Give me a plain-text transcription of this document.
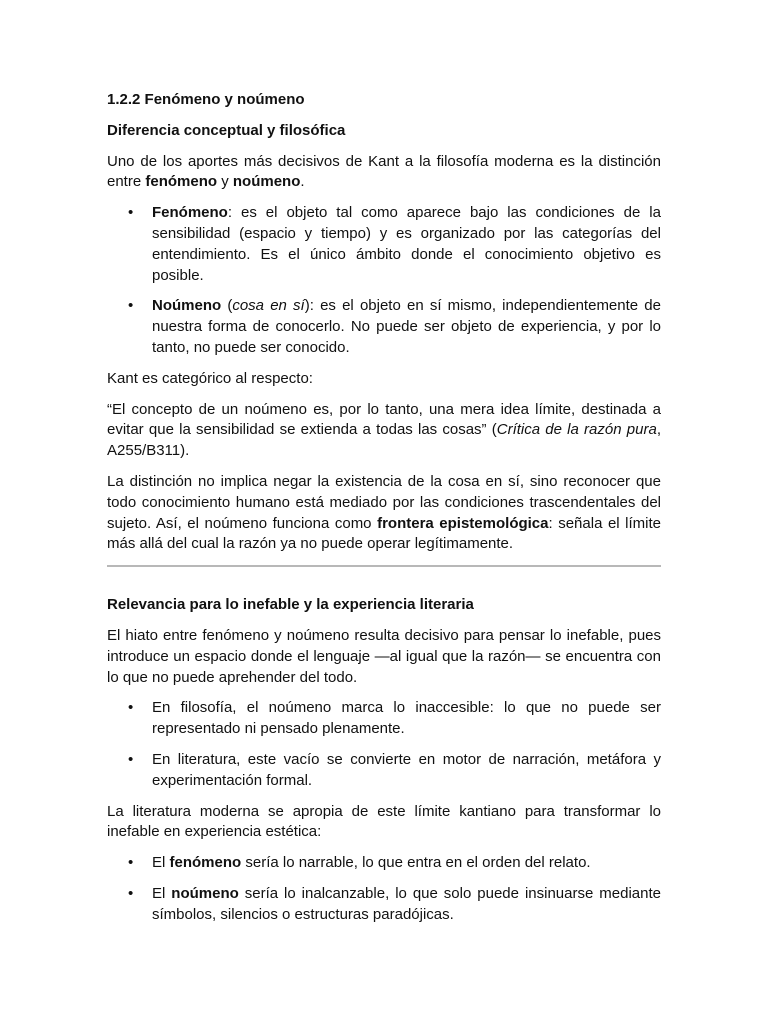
1.2.2 Fenómeno y noúmeno
Diferencia conceptual y filosófica

Uno de los aportes más decisivos de Kant a la filosofía moderna es la distinción entre fenómeno y noúmeno.

• Fenómeno: es el objeto tal como aparece bajo las condiciones de la sensibilidad (espacio y tiempo) y es organizado por las categorías del entendimiento. Es el único ámbito donde el conocimiento objetivo es posible.
• Noúmeno (cosa en sí): es el objeto en sí mismo, independientemente de nuestra forma de conocerlo. No puede ser objeto de experiencia, y por lo tanto, no puede ser conocido.

Kant es categórico al respecto:

“El concepto de un noúmeno es, por lo tanto, una mera idea límite, destinada a evitar que la sensibilidad se extienda a todas las cosas” (Crítica de la razón pura, A255/B311).

La distinción no implica negar la existencia de la cosa en sí, sino reconocer que todo conocimiento humano está mediado por las condiciones trascendentales del sujeto. Así, el noúmeno funciona como frontera epistemológica: señala el límite más allá del cual la razón ya no puede operar legítimamente.

Relevancia para lo inefable y la experiencia literaria

El hiato entre fenómeno y noúmeno resulta decisivo para pensar lo inefable, pues introduce un espacio donde el lenguaje —al igual que la razón— se encuentra con lo que no puede aprehender del todo.

• En filosofía, el noúmeno marca lo inaccesible: lo que no puede ser representado ni pensado plenamente.
• En literatura, este vacío se convierte en motor de narración, metáfora y experimentación formal.

La literatura moderna se apropia de este límite kantiano para transformar lo inefable en experiencia estética:

• El fenómeno sería lo narrable, lo que entra en el orden del relato.
• El noúmeno sería lo inalcanzable, lo que solo puede insinuarse mediante símbolos, silencios o estructuras paradójicas.
